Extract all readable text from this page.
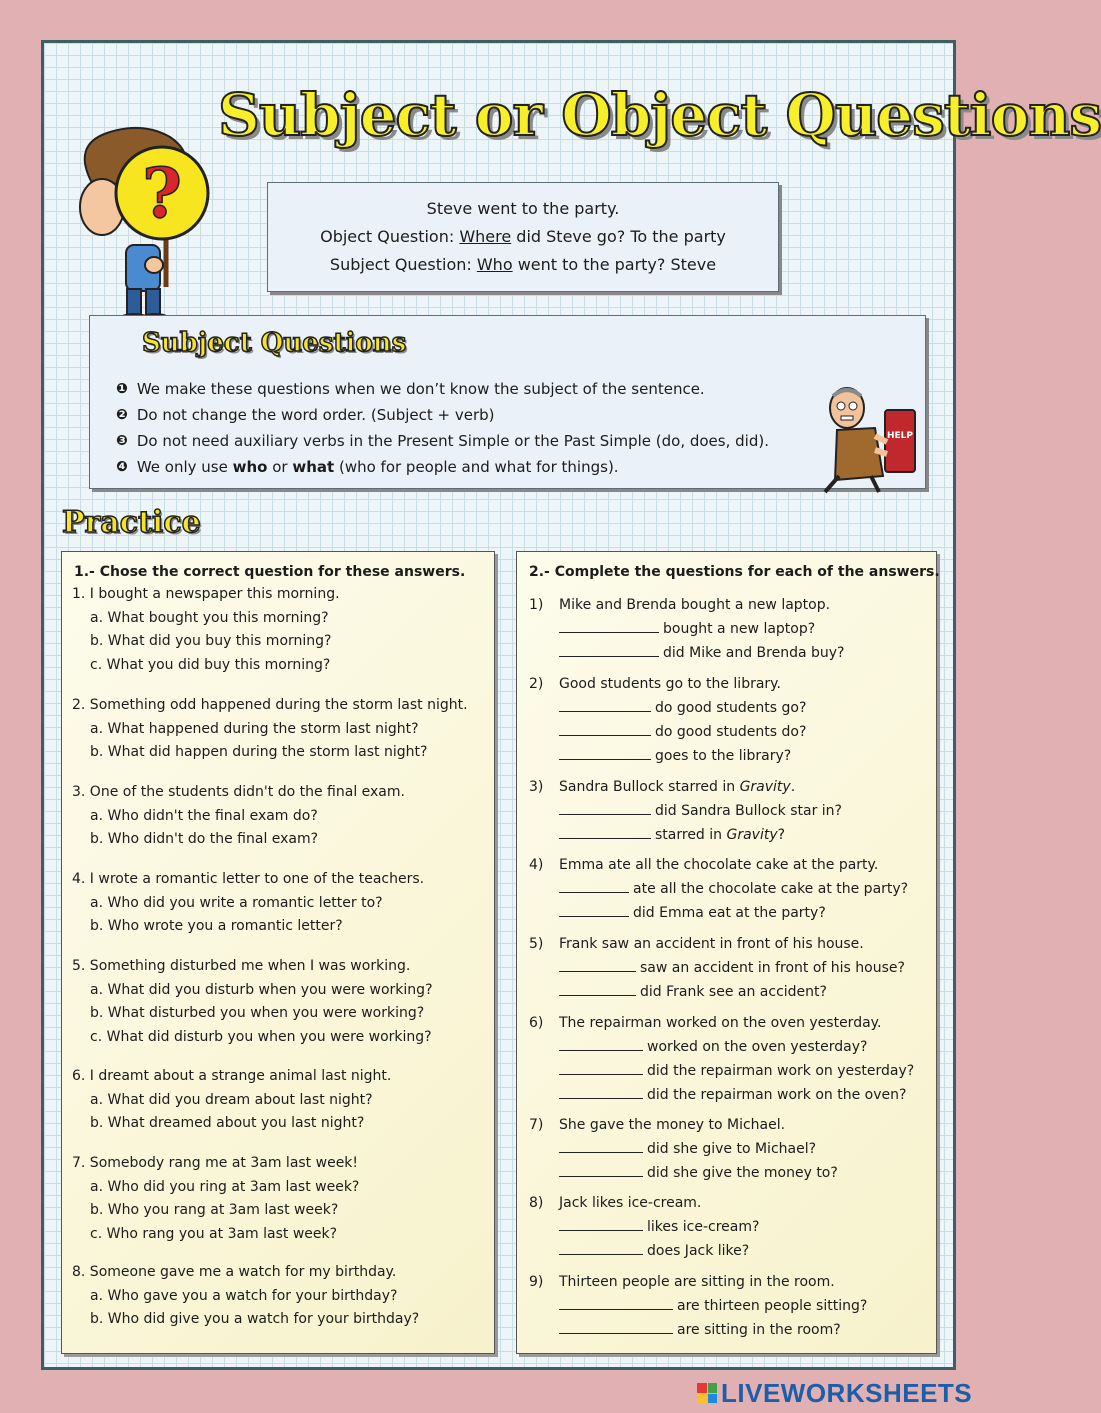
Subject or Object Questions
?	Steve went to the party.
Object Question: Where did Steve go? To the party
Subject Question: Who went to the party? Steve
Subject Questions
❶ We make these questions when we don’t know the subject of the sentence.
❷ Do not change the word order. (Subject + verb)
❸ Do not need auxiliary verbs in the Present Simple or the Past Simple (do, does, did).
❹ We only use who or what (who for people and what for things).
HELP
Practice
1.- Chose the correct question for these answers.
1. I bought a newspaper this morning.
a. What bought you this morning?
b. What did you buy this morning?
c. What you did buy this morning?
2. Something odd happened during the storm last night.
a. What happened during the storm last night?
b. What did happen during the storm last night?
3. One of the students didn't do the final exam.
a. Who didn't the final exam do?
b. Who didn't do the final exam?
4. I wrote a romantic letter to one of the teachers.
a. Who did you write a romantic letter to?
b. Who wrote you a romantic letter?
5. Something disturbed me when I was working.
a. What did you disturb when you were working?
b. What disturbed you when you were working?
c. What did disturb you when you were working?
6. I dreamt about a strange animal last night.
a. What did you dream about last night?
b. What dreamed about you last night?
7. Somebody rang me at 3am last week!
a. Who did you ring at 3am last week?
b. Who you rang at 3am last week?
c. Who rang you at 3am last week?
8. Someone gave me a watch for my birthday.
a. Who gave you a watch for your birthday?
b. Who did give you a watch for your birthday?
2.- Complete the questions for each of the answers.
1) Mike and Brenda bought a new laptop.
bought a new laptop?
did Mike and Brenda buy?
2) Good students go to the library.
do good students go?
do good students do?
goes to the library?
3) Sandra Bullock starred in Gravity.
did Sandra Bullock star in?
starred in Gravity?
4) Emma ate all the chocolate cake at the party.
ate all the chocolate cake at the party?
did Emma eat at the party?
5) Frank saw an accident in front of his house.
saw an accident in front of his house?
did Frank see an accident?
6) The repairman worked on the oven yesterday.
worked on the oven yesterday?
did the repairman work on yesterday?
did the repairman work on the oven?
7) She gave the money to Michael.
did she give to Michael?
did she give the money to?
8) Jack likes ice-cream.
likes ice-cream?
does Jack like?
9) Thirteen people are sitting in the room.
are thirteen people sitting?
are sitting in the room?
LIVEWORKSHEETS
